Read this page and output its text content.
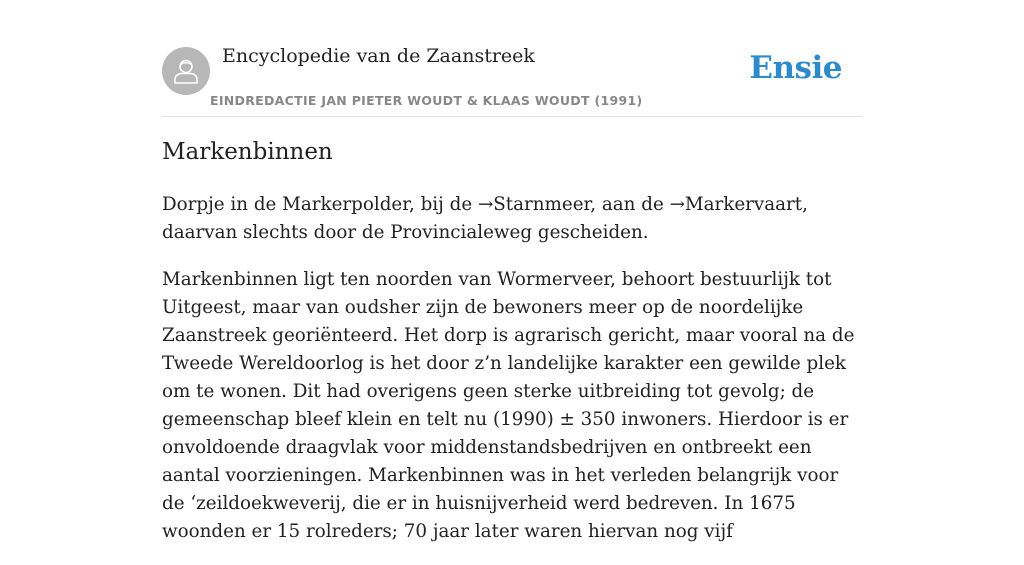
Encyclopedie van de Zaanstreek
EINDREDACTIE JAN PIETER WOUDT & KLAAS WOUDT (1991)
Ensie
Markenbinnen

Dorpje in de Markerpolder, bij de →Starnmeer, aan de →Markervaart, daarvan slechts door de Provincialeweg gescheiden.

Markenbinnen ligt ten noorden van Wormerveer, behoort bestuurlijk tot Uitgeest, maar van oudsher zijn de bewoners meer op de noordelijke Zaanstreek georiënteerd. Het dorp is agrarisch gericht, maar vooral na de Tweede Wereldoorlog is het door z’n landelijke karakter een gewilde plek om te wonen. Dit had overigens geen sterke uitbreiding tot gevolg; de gemeenschap bleef klein en telt nu (1990) ± 350 inwoners. Hierdoor is er onvoldoende draagvlak voor middenstandsbedrijven en ontbreekt een aantal voorzieningen. Markenbinnen was in het verleden belangrijk voor de ‘zeildoekweverij, die er in huisnijverheid werd bedreven. In 1675 woonden er 15 rolreders; 70 jaar later waren hiervan nog vijf
